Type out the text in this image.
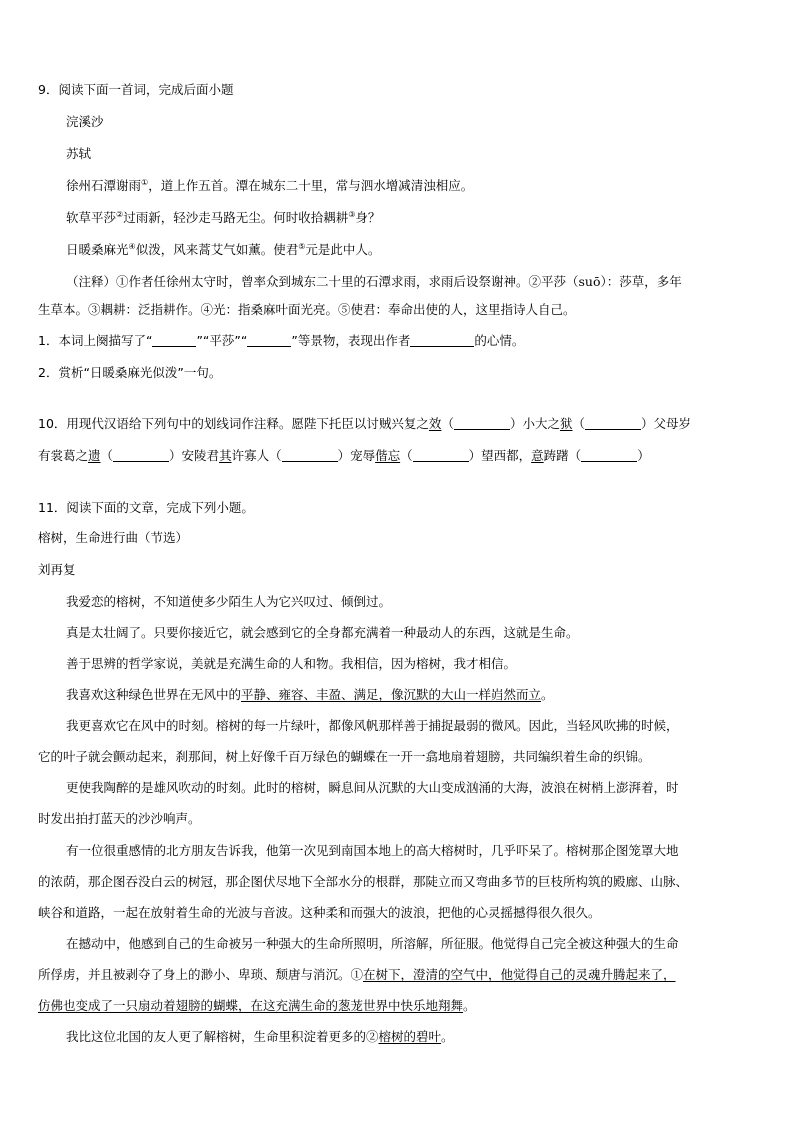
9．阅读下面一首词，完成后面小题
浣溪沙
苏轼
徐州石潭谢雨①，道上作五首。潭在城东二十里，常与泗水增减清浊相应。
软草平莎②过雨新，轻沙走马路无尘。何时收拾耦耕③身？
日暖桑麻光④似泼，风来蒿艾气如薰。使君⑤元是此中人。
（注释）①作者任徐州太守时，曾率众到城东二十里的石潭求雨，求雨后设祭谢神。②平莎（suō）：莎草，多年
生草本。③耦耕：泛指耕作。④光：指桑麻叶面光亮。⑤使君：奉命出使的人，这里指诗人自己。
1．本词上阕描写了“	”“平莎”“	”等景物，表现出作者	的心情。
2．赏析“日暖桑麻光似泼”一句。
10．用现代汉语给下列句中的划线词作注释。愿陛下托臣以讨贼兴复之效（	）小大之狱（	）父母岁
有裳葛之遗（	）安陵君其许寡人（	）宠辱偕忘（	）望西都，意踌躇（	）
11．阅读下面的文章，完成下列小题。
榕树，生命进行曲（节选）
刘再复
我爱恋的榕树，不知道使多少陌生人为它兴叹过、倾倒过。
真是太壮阔了。只要你接近它，就会感到它的全身都充满着一种最动人的东西，这就是生命。
善于思辨的哲学家说，美就是充满生命的人和物。我相信，因为榕树，我才相信。
我喜欢这种绿色世界在无风中的平静、雍容、丰盈、满足，像沉默的大山一样岿然而立。
我更喜欢它在风中的时刻。榕树的每一片绿叶，都像风帆那样善于捕捉最弱的微风。因此，当轻风吹拂的时候，
它的叶子就会颤动起来，刹那间，树上好像千百万绿色的蝴蝶在一开一翕地扇着翅膀，共同编织着生命的织锦。
更使我陶醉的是雄风吹动的时刻。此时的榕树，瞬息间从沉默的大山变成汹涌的大海，波浪在树梢上澎湃着，时
时发出拍打蓝天的沙沙响声。
有一位很重感情的北方朋友告诉我，他第一次见到南国本地上的高大榕树时，几乎吓呆了。榕树那企图笼罩大地
的浓荫，那企图吞没白云的树冠，那企图伏尽地下全部水分的根群，那陡立而又弯曲多节的巨枝所构筑的殿廊、山脉、
峡谷和道路，一起在放射着生命的光波与音波。这种柔和而强大的波浪，把他的心灵摇撼得很久很久。
在撼动中，他感到自己的生命被另一种强大的生命所照明，所溶解，所征服。他觉得自己完全被这种强大的生命
所俘虏，并且被剥夺了身上的渺小、卑琐、颓唐与消沉。①在树下，澄清的空气中，他觉得自己的灵魂升腾起来了，
仿佛也变成了一只扇动着翅膀的蝴蝶，在这充满生命的葱茏世界中快乐地翔舞。
我比这位北国的友人更了解榕树，生命里积淀着更多的②榕树的碧叶。
